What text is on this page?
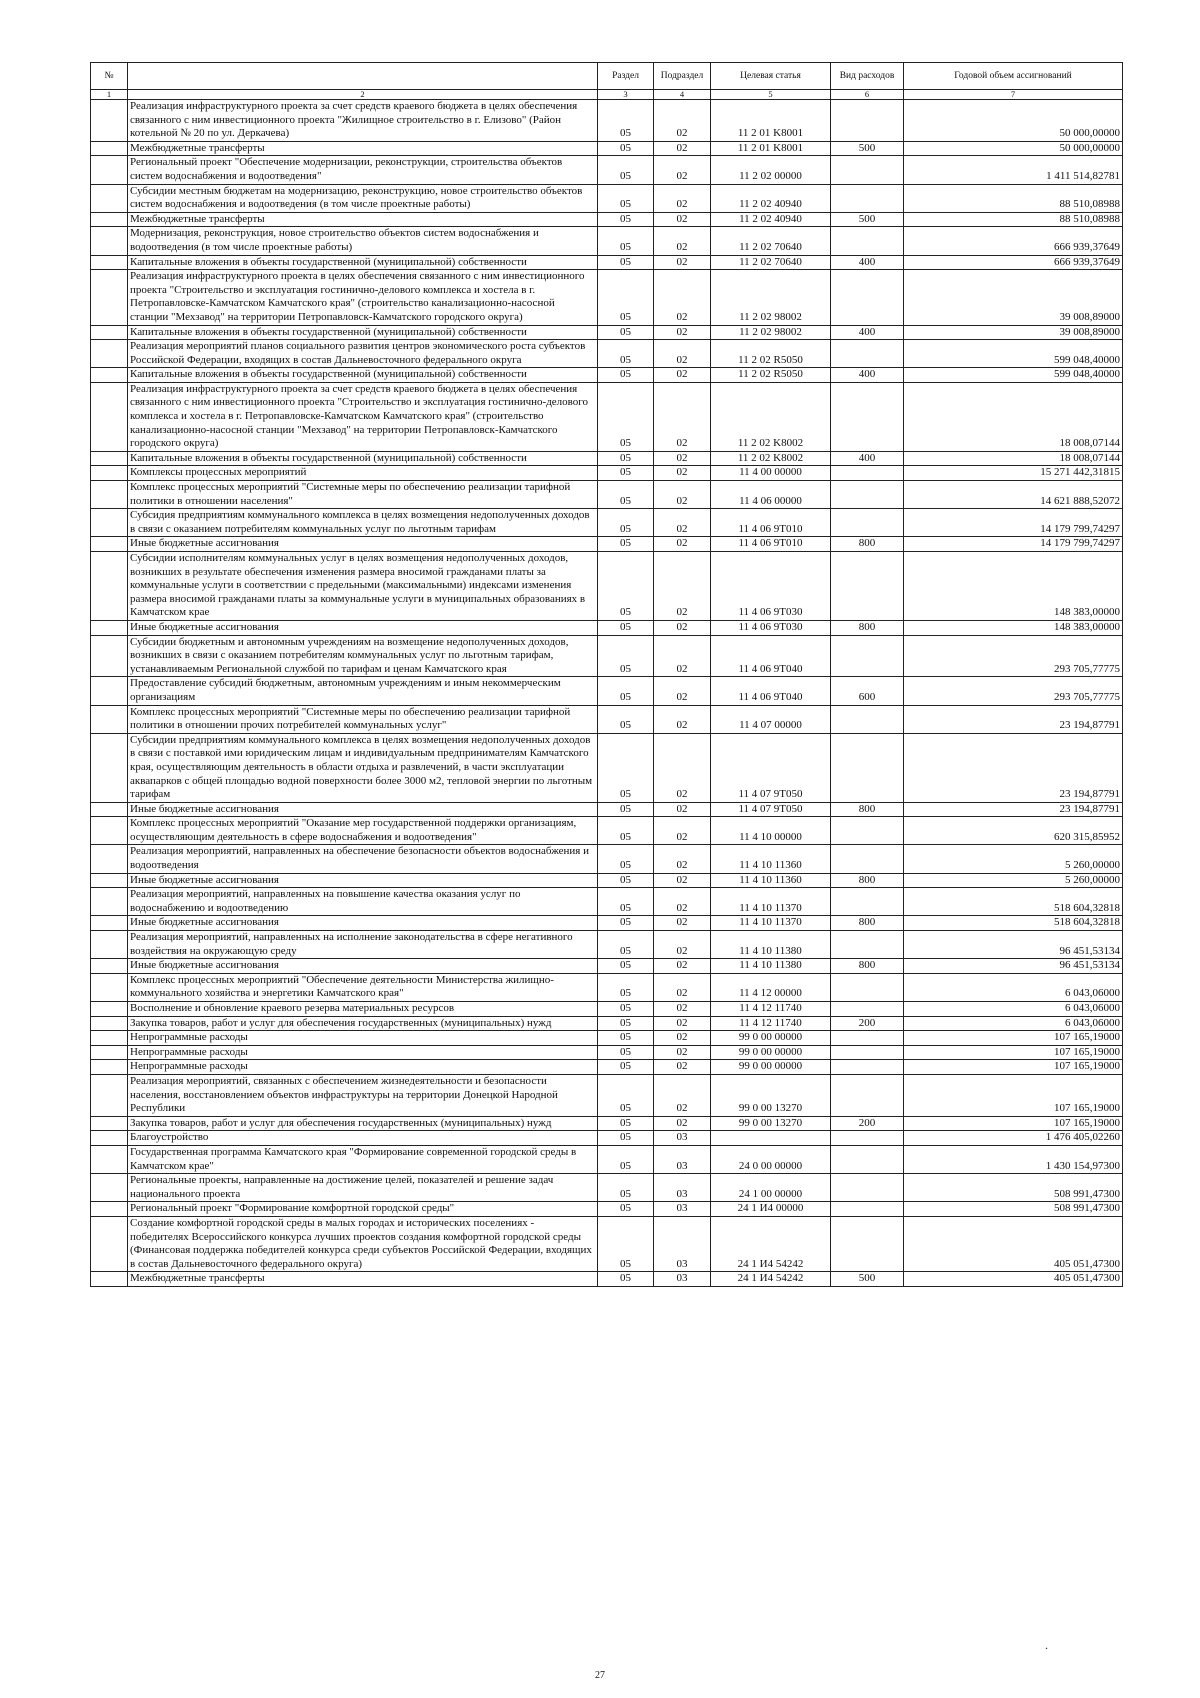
№		Раздел	Подраздел	Целевая статья	Вид расходов	Годовой объем ассигнований
1	2	3	4	5	6	7
	Реализация инфраструктурного проекта за счет средств краевого бюджета в целях обеспечения связанного с ним инвестиционного проекта "Жилищное строительство в г. Елизово" (Район котельной № 20 по ул. Деркачева)	05	02	11 2 01 K8001		50 000,00000
	Межбюджетные трансферты	05	02	11 2 01 K8001	500	50 000,00000
	Региональный проект "Обеспечение модернизации, реконструкции, строительства объектов систем водоснабжения и водоотведения"	05	02	11 2 02 00000		1 411 514,82781
	Субсидии местным бюджетам на модернизацию, реконструкцию, новое строительство объектов систем водоснабжения и водоотведения (в том числе проектные работы)	05	02	11 2 02 40940		88 510,08988
	Межбюджетные трансферты	05	02	11 2 02 40940	500	88 510,08988
	Модернизация, реконструкция, новое строительство объектов систем водоснабжения и водоотведения (в том числе проектные работы)	05	02	11 2 02 70640		666 939,37649
	Капитальные вложения в объекты государственной (муниципальной) собственности	05	02	11 2 02 70640	400	666 939,37649
	Реализация инфраструктурного проекта в целях обеспечения связанного с ним инвестиционного проекта "Строительство и эксплуатация гостинично-делового комплекса и хостела в г. Петропавловске-Камчатском Камчатского края" (строительство канализационно-насосной станции "Мехзавод" на территории Петропавловск-Камчатского городского округа)	05	02	11 2 02 98002		39 008,89000
	Капитальные вложения в объекты государственной (муниципальной) собственности	05	02	11 2 02 98002	400	39 008,89000
	Реализация мероприятий планов социального развития центров экономического роста субъектов Российской Федерации, входящих в состав Дальневосточного федерального округа	05	02	11 2 02 R5050		599 048,40000
	Капитальные вложения в объекты государственной (муниципальной) собственности	05	02	11 2 02 R5050	400	599 048,40000
	Реализация инфраструктурного проекта за счет средств краевого бюджета в целях обеспечения связанного с ним инвестиционного проекта "Строительство и эксплуатация гостинично-делового комплекса и хостела в г. Петропавловске-Камчатском Камчатского края" (строительство канализационно-насосной станции "Мехзавод" на территории Петропавловск-Камчатского городского округа)	05	02	11 2 02 K8002		18 008,07144
	Капитальные вложения в объекты государственной (муниципальной) собственности	05	02	11 2 02 K8002	400	18 008,07144
	Комплексы процессных мероприятий	05	02	11 4 00 00000		15 271 442,31815
	Комплекс процессных мероприятий "Системные меры по обеспечению реализации тарифной политики в отношении населения"	05	02	11 4 06 00000		14 621 888,52072
	Субсидия предприятиям коммунального комплекса в целях возмещения недополученных доходов в связи с оказанием потребителям коммунальных услуг по льготным тарифам	05	02	11 4 06 9Т010		14 179 799,74297
	Иные бюджетные ассигнования	05	02	11 4 06 9Т010	800	14 179 799,74297
	Субсидии исполнителям коммунальных услуг в целях возмещения недополученных доходов, возникших в результате обеспечения изменения размера вносимой гражданами платы за коммунальные услуги в соответствии с предельными (максимальными) индексами изменения размера вносимой гражданами платы за коммунальные услуги в муниципальных образованиях в Камчатском крае	05	02	11 4 06 9Т030		148 383,00000
	Иные бюджетные ассигнования	05	02	11 4 06 9Т030	800	148 383,00000
	Субсидии бюджетным и автономным учреждениям на возмещение недополученных доходов, возникших в связи с оказанием потребителям коммунальных услуг по льготным тарифам, устанавливаемым Региональной службой по тарифам и ценам Камчатского края	05	02	11 4 06 9Т040		293 705,77775
	Предоставление субсидий бюджетным, автономным учреждениям и иным некоммерческим организациям	05	02	11 4 06 9Т040	600	293 705,77775
	Комплекс процессных мероприятий "Системные меры по обеспечению реализации тарифной политики в отношении прочих потребителей коммунальных услуг"	05	02	11 4 07 00000		23 194,87791
	Субсидии предприятиям коммунального комплекса в целях возмещения недополученных доходов в связи с поставкой ими юридическим лицам и индивидуальным предпринимателям Камчатского края, осуществляющим деятельность в области отдыха и развлечений, в части эксплуатации аквапарков с общей площадью водной поверхности более 3000 м2, тепловой энергии по льготным тарифам	05	02	11 4 07 9Т050		23 194,87791
	Иные бюджетные ассигнования	05	02	11 4 07 9Т050	800	23 194,87791
	Комплекс процессных мероприятий "Оказание мер государственной поддержки организациям, осуществляющим деятельность в сфере водоснабжения и водоотведения"	05	02	11 4 10 00000		620 315,85952
	Реализация мероприятий, направленных на обеспечение безопасности объектов водоснабжения и водоотведения	05	02	11 4 10 11360		5 260,00000
	Иные бюджетные ассигнования	05	02	11 4 10 11360	800	5 260,00000
	Реализация мероприятий, направленных на повышение качества оказания услуг по водоснабжению и водоотведению	05	02	11 4 10 11370		518 604,32818
	Иные бюджетные ассигнования	05	02	11 4 10 11370	800	518 604,32818
	Реализация мероприятий, направленных на исполнение законодательства в сфере негативного воздействия на окружающую среду	05	02	11 4 10 11380		96 451,53134
	Иные бюджетные ассигнования	05	02	11 4 10 11380	800	96 451,53134
	Комплекс процессных мероприятий "Обеспечение деятельности Министерства жилищно-коммунального хозяйства и энергетики Камчатского края"	05	02	11 4 12 00000		6 043,06000
	Восполнение и обновление краевого резерва материальных ресурсов	05	02	11 4 12 11740		6 043,06000
	Закупка товаров, работ и услуг для обеспечения государственных (муниципальных) нужд	05	02	11 4 12 11740	200	6 043,06000
	Непрограммные расходы	05	02	99 0 00 00000		107 165,19000
	Непрограммные расходы	05	02	99 0 00 00000		107 165,19000
	Непрограммные расходы	05	02	99 0 00 00000		107 165,19000
	Реализация мероприятий, связанных с обеспечением жизнедеятельности и безопасности населения, восстановлением объектов инфраструктуры на территории Донецкой Народной Республики	05	02	99 0 00 13270		107 165,19000
	Закупка товаров, работ и услуг для обеспечения государственных (муниципальных) нужд	05	02	99 0 00 13270	200	107 165,19000
	Благоустройство	05	03			1 476 405,02260
	Государственная программа Камчатского края "Формирование современной городской среды в Камчатском крае"	05	03	24 0 00 00000		1 430 154,97300
	Региональные проекты, направленные на достижение целей, показателей и решение задач национального проекта	05	03	24 1 00 00000		508 991,47300
	Региональный проект "Формирование комфортной городской среды"	05	03	24 1 И4 00000		508 991,47300
	Создание комфортной городской среды в малых городах и исторических поселениях - победителях Всероссийского конкурса лучших проектов создания комфортной городской среды (Финансовая поддержка победителей конкурса среди субъектов Российской Федерации, входящих в состав Дальневосточного федерального округа)	05	03	24 1 И4 54242		405 051,47300
	Межбюджетные трансферты	05	03	24 1 И4 54242	500	405 051,47300
.
27
